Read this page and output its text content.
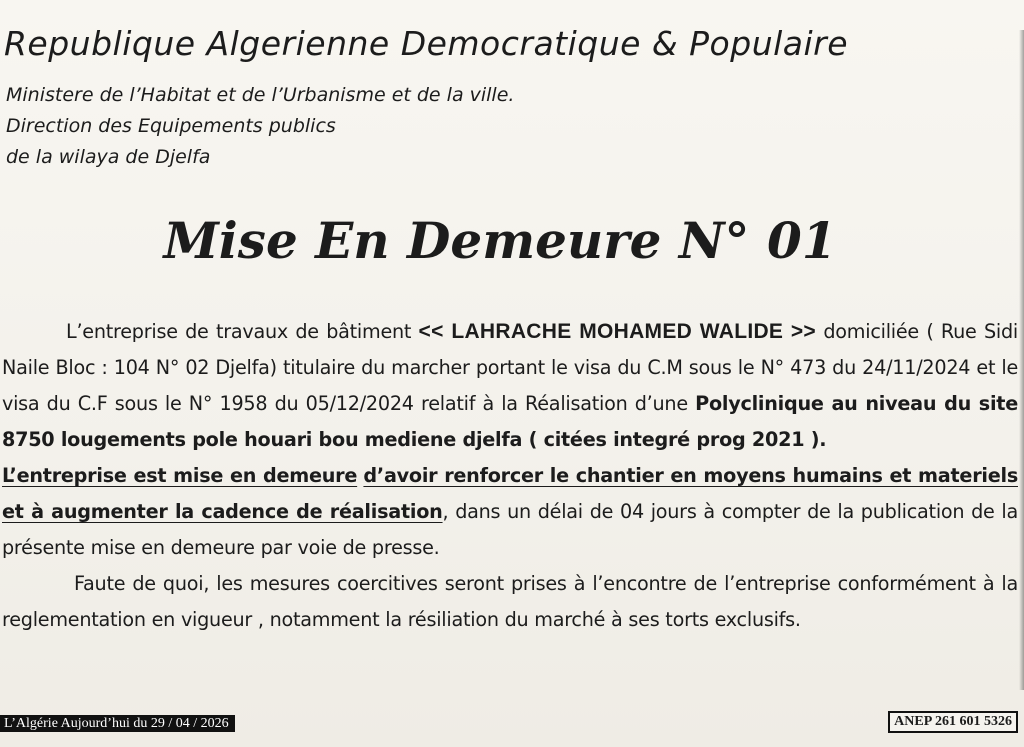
Republique Algerienne Democratique & Populaire
Ministere de l’Habitat et de l’Urbanisme et de la ville.
Direction des Equipements publics
de la wilaya de Djelfa
Mise En Demeure N° 01

L’entreprise de travaux de bâtiment << LAHRACHE MOHAMED WALIDE >> domiciliée ( Rue Sidi Naile Bloc : 104 N° 02 Djelfa) titulaire du marcher portant le visa du C.M sous le N° 473 du 24/11/2024 et le visa du C.F sous le N° 1958 du 05/12/2024 relatif à la Réalisation d’une Polyclinique au niveau du site 8750 lougements pole houari bou mediene djelfa ( citées integré prog 2021 ).

L’entreprise est mise en demeure d’avoir renforcer le chantier en moyens humains et materiels et à augmenter la cadence de réalisation, dans un délai de 04 jours à compter de la publication de la présente mise en demeure par voie de presse.

Faute de quoi, les mesures coercitives seront prises à l’encontre de l’entreprise conformément à la reglementation en vigueur , notamment la résiliation du marché à ses torts exclusifs.

L’Algérie Aujourd’hui du 29 / 04 / 2026	ANEP 261 601 5326
